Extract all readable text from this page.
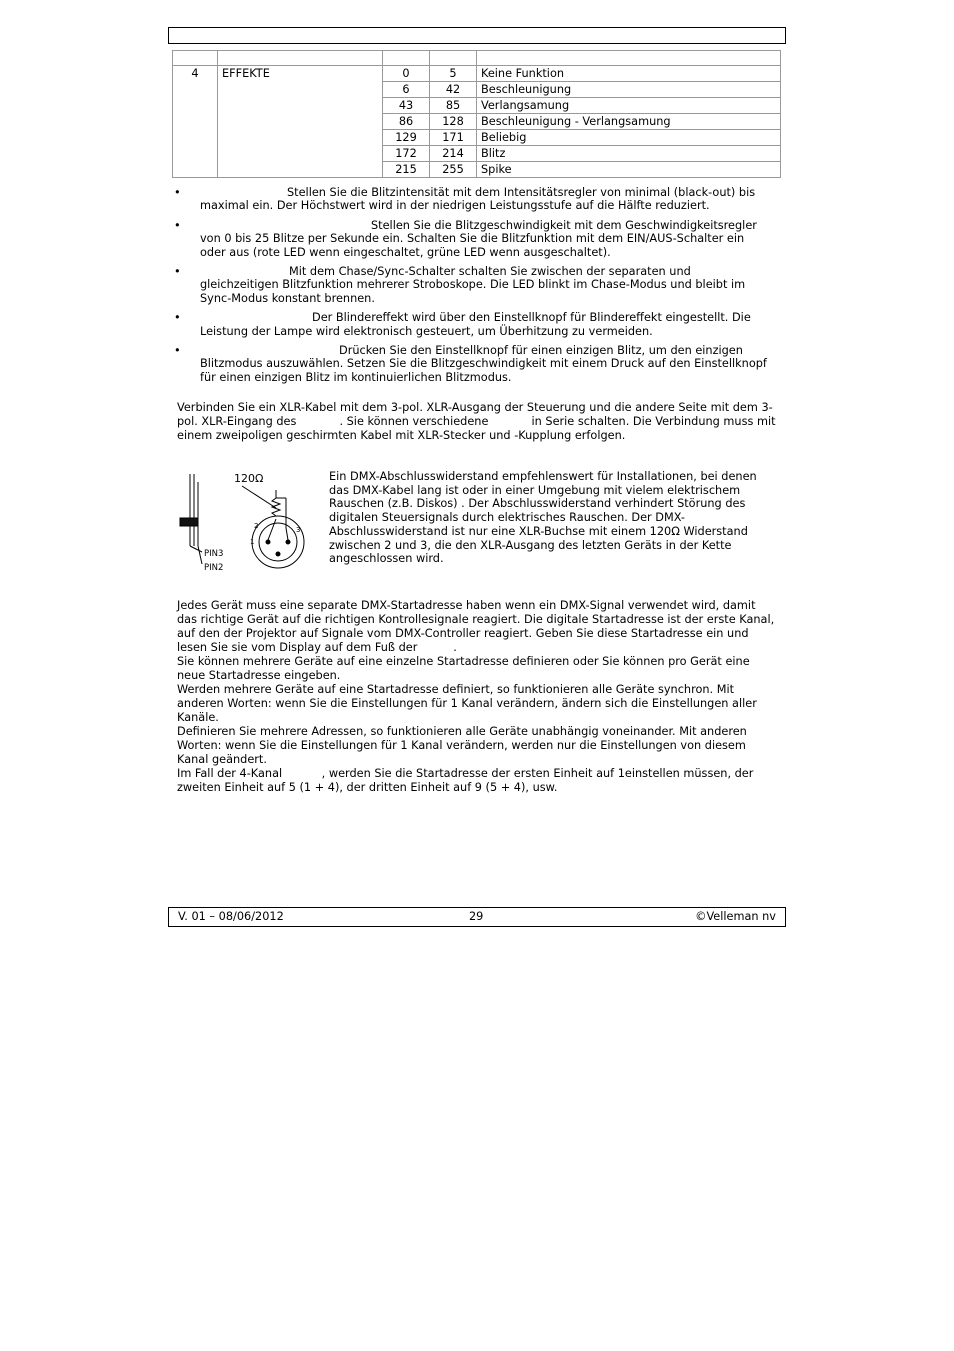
4	EFFEKTE	0	5	Keine Funktion
		6	42	Beschleunigung
		43	85	Verlangsamung
		86	128	Beschleunigung - Verlangsamung
		129	171	Beliebig
		172	214	Blitz
		215	255	Spike
•	Stellen Sie die Blitzintensität mit dem Intensitätsregler von minimal (black-out) bis maximal ein. Der Höchstwert wird in der niedrigen Leistungsstufe auf die Hälfte reduziert.
•	Stellen Sie die Blitzgeschwindigkeit mit dem Geschwindigkeitsregler von 0 bis 25 Blitze per Sekunde ein. Schalten Sie die Blitzfunktion mit dem EIN/AUS-Schalter ein oder aus (rote LED wenn eingeschaltet, grüne LED wenn ausgeschaltet).
•	Mit dem Chase/Sync-Schalter schalten Sie zwischen der separaten und gleichzeitigen Blitzfunktion mehrerer Stroboskope. Die LED blinkt im Chase-Modus und bleibt im Sync-Modus konstant brennen.
•	Der Blindereffekt wird über den Einstellknopf für Blindereffekt eingestellt. Die Leistung der Lampe wird elektronisch gesteuert, um Überhitzung zu vermeiden.
•	Drücken Sie den Einstellknopf für einen einzigen Blitz, um den einzigen Blitzmodus auszuwählen. Setzen Sie die Blitzgeschwindigkeit mit einem Druck auf den Einstellknopf für einen einzigen Blitz im kontinuierlichen Blitzmodus.

Verbinden Sie ein XLR-Kabel mit dem 3-pol. XLR-Ausgang der Steuerung und die andere Seite mit dem 3-pol. XLR-Eingang des            . Sie können verschiedene            in Serie schalten. Die Verbindung muss mit einem zweipoligen geschirmten Kabel mit XLR-Stecker und -Kupplung erfolgen.

PIN3
PIN2
120Ω
2
1
3

Ein DMX-Abschlusswiderstand empfehlenswert für Installationen, bei denen das DMX-Kabel lang ist oder in einer Umgebung mit vielem elektrischem Rauschen (z.B. Diskos) . Der Abschlusswiderstand verhindert Störung des digitalen Steuersignals durch elektrisches Rauschen. Der DMX-Abschlusswiderstand ist nur eine XLR-Buchse mit einem 120Ω Widerstand zwischen 2 und 3, die den XLR-Ausgang des letzten Geräts in der Kette angeschlossen wird.

Jedes Gerät muss eine separate DMX-Startadresse haben wenn ein DMX-Signal verwendet wird, damit das richtige Gerät auf die richtigen Kontrollesignale reagiert. Die digitale Startadresse ist der erste Kanal, auf den der Projektor auf Signale vom DMX-Controller reagiert. Geben Sie diese Startadresse ein und lesen Sie sie vom Display auf dem Fuß der          .

Sie können mehrere Geräte auf eine einzelne Startadresse definieren oder Sie können pro Gerät eine neue Startadresse eingeben.

Werden mehrere Geräte auf eine Startadresse definiert, so funktionieren alle Geräte synchron. Mit anderen Worten: wenn Sie die Einstellungen für 1 Kanal verändern, ändern sich die Einstellungen aller Kanäle.

Definieren Sie mehrere Adressen, so funktionieren alle Geräte unabhängig voneinander. Mit anderen Worten: wenn Sie die Einstellungen für 1 Kanal verändern, werden nur die Einstellungen von diesem Kanal geändert.

Im Fall der 4-Kanal           , werden Sie die Startadresse der ersten Einheit auf 1einstellen müssen, der zweiten Einheit auf 5 (1 + 4), der dritten Einheit auf 9 (5 + 4), usw.

V. 01 – 08/06/2012	29	©Velleman nv
